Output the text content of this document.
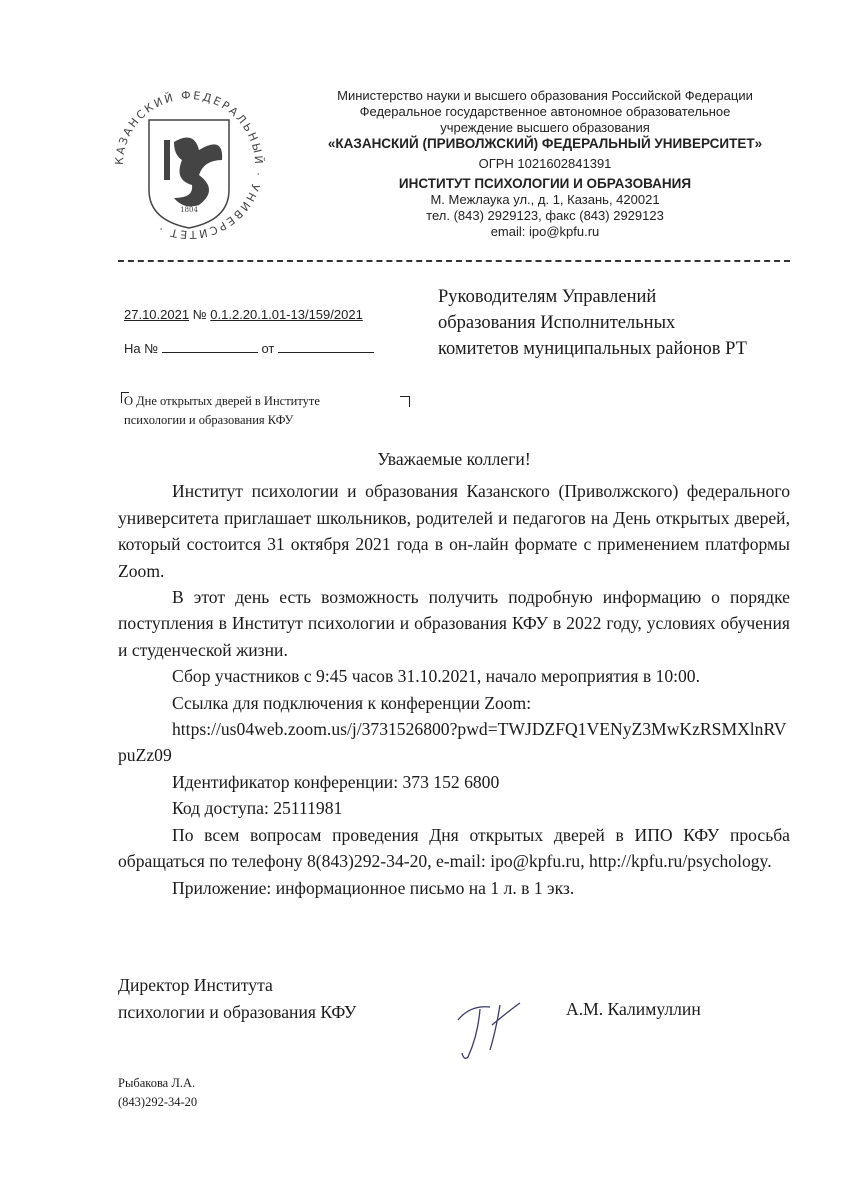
КАЗАНСКИЙ ФЕДЕРАЛЬНЫЙ · УНИВЕРСИТЕТ ·
1804
Министерство науки и высшего образования Российской Федерации
Федеральное государственное автономное образовательное
учреждение высшего образования
«КАЗАНСКИЙ (ПРИВОЛЖСКИЙ) ФЕДЕРАЛЬНЫЙ УНИВЕРСИТЕТ»
ОГРН 1021602841391
ИНСТИТУТ ПСИХОЛОГИИ И ОБРАЗОВАНИЯ
М. Межлаука ул., д. 1, Казань, 420021
тел. (843) 2929123, факс (843) 2929123
email: ipo@kpfu.ru
27.10.2021 № 0.1.2.20.1.01-13/159/2021
На №	от
Руководителям Управлений
образования Исполнительных
комитетов муниципальных районов РТ
О Дне открытых дверей в Институте психологии и образования КФУ

Уважаемые коллеги!

Институт психологии и образования Казанского (Приволжского) федерального университета приглашает школьников, родителей и педагогов на День открытых дверей, который состоится 31 октября 2021 года в он-лайн формате с применением платформы Zoom.

В этот день есть возможность получить подробную информацию о порядке поступления в Институт психологии и образования КФУ в 2022 году, условиях обучения и студенческой жизни.

Сбор участников с 9:45 часов 31.10.2021, начало мероприятия в 10:00.

Ссылка для подключения к конференции Zoom:

https://us04web.zoom.us/j/3731526800?pwd=TWJDZFQ1VENyZ3MwKzRSMXlnRVpuZz09

Идентификатор конференции: 373 152 6800

Код доступа: 25111981

По всем вопросам проведения Дня открытых дверей в ИПО КФУ просьба обращаться по телефону 8(843)292-34-20, e-mail: ipo@kpfu.ru, http://kpfu.ru/psychology.

Приложение: информационное письмо на 1 л. в 1 экз.

Директор Института
психологии и образования КФУ	А.М. Калимуллин
Рыбакова Л.А.
(843)292-34-20
